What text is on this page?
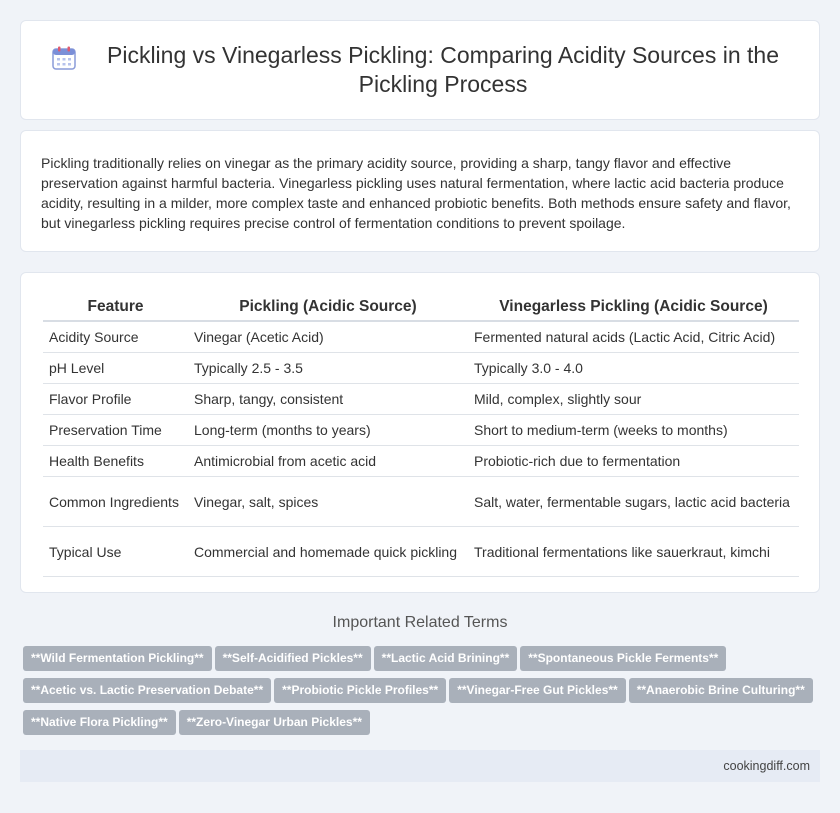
Pickling vs Vinegarless Pickling: Comparing Acidity Sources in the Pickling Process

Pickling traditionally relies on vinegar as the primary acidity source, providing a sharp, tangy flavor and effective preservation against harmful bacteria. Vinegarless pickling uses natural fermentation, where lactic acid bacteria produce acidity, resulting in a milder, more complex taste and enhanced probiotic benefits. Both methods ensure safety and flavor, but vinegarless pickling requires precise control of fermentation conditions to prevent spoilage.

Feature	Pickling (Acidic Source)	Vinegarless Pickling (Acidic Source)
Acidity Source	Vinegar (Acetic Acid)	Fermented natural acids (Lactic Acid, Citric Acid)
pH Level	Typically 2.5 - 3.5	Typically 3.0 - 4.0
Flavor Profile	Sharp, tangy, consistent	Mild, complex, slightly sour
Preservation Time	Long-term (months to years)	Short to medium-term (weeks to months)
Health Benefits	Antimicrobial from acetic acid	Probiotic-rich due to fermentation
Common Ingredients	Vinegar, salt, spices	Salt, water, fermentable sugars, lactic acid bacteria
Typical Use	Commercial and homemade quick pickling	Traditional fermentations like sauerkraut, kimchi
Important Related Terms
**Wild Fermentation Pickling** **Self-Acidified Pickles** **Lactic Acid Brining** **Spontaneous Pickle Ferments**
**Acetic vs. Lactic Preservation Debate** **Probiotic Pickle Profiles** **Vinegar-Free Gut Pickles** **Anaerobic Brine Culturing**
**Native Flora Pickling** **Zero-Vinegar Urban Pickles**
cookingdiff.com
